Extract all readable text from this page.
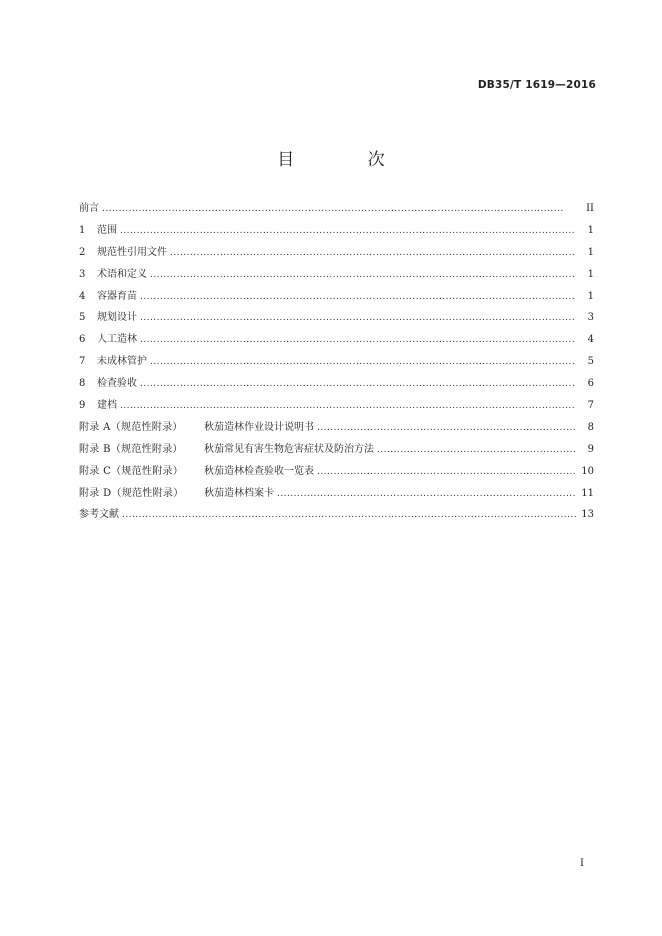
DB35/T 1619—2016
目 次
前言 . . .	II
1	范围 . . .	1
2	规范性引用文件 . . .	1
3	术语和定义 . . .	1
4	容器育苗 . . .	1
5	规划设计 . . .	3
6	人工造林 . . .	4
7	未成林管护 . . .	5
8	检查验收 . . .	6
9	建档 . . .	7
附录 A（规范性附录）	秋茄造林作业设计说明书 . . .	8
附录 B（规范性附录）	秋茄常见有害生物危害症状及防治方法 . . .	9
附录 C（规范性附录）	秋茄造林检查验收一览表 . . .	10
附录 D（规范性附录）	秋茄造林档案卡 . . .	11
参考文献 . . .	13
I
